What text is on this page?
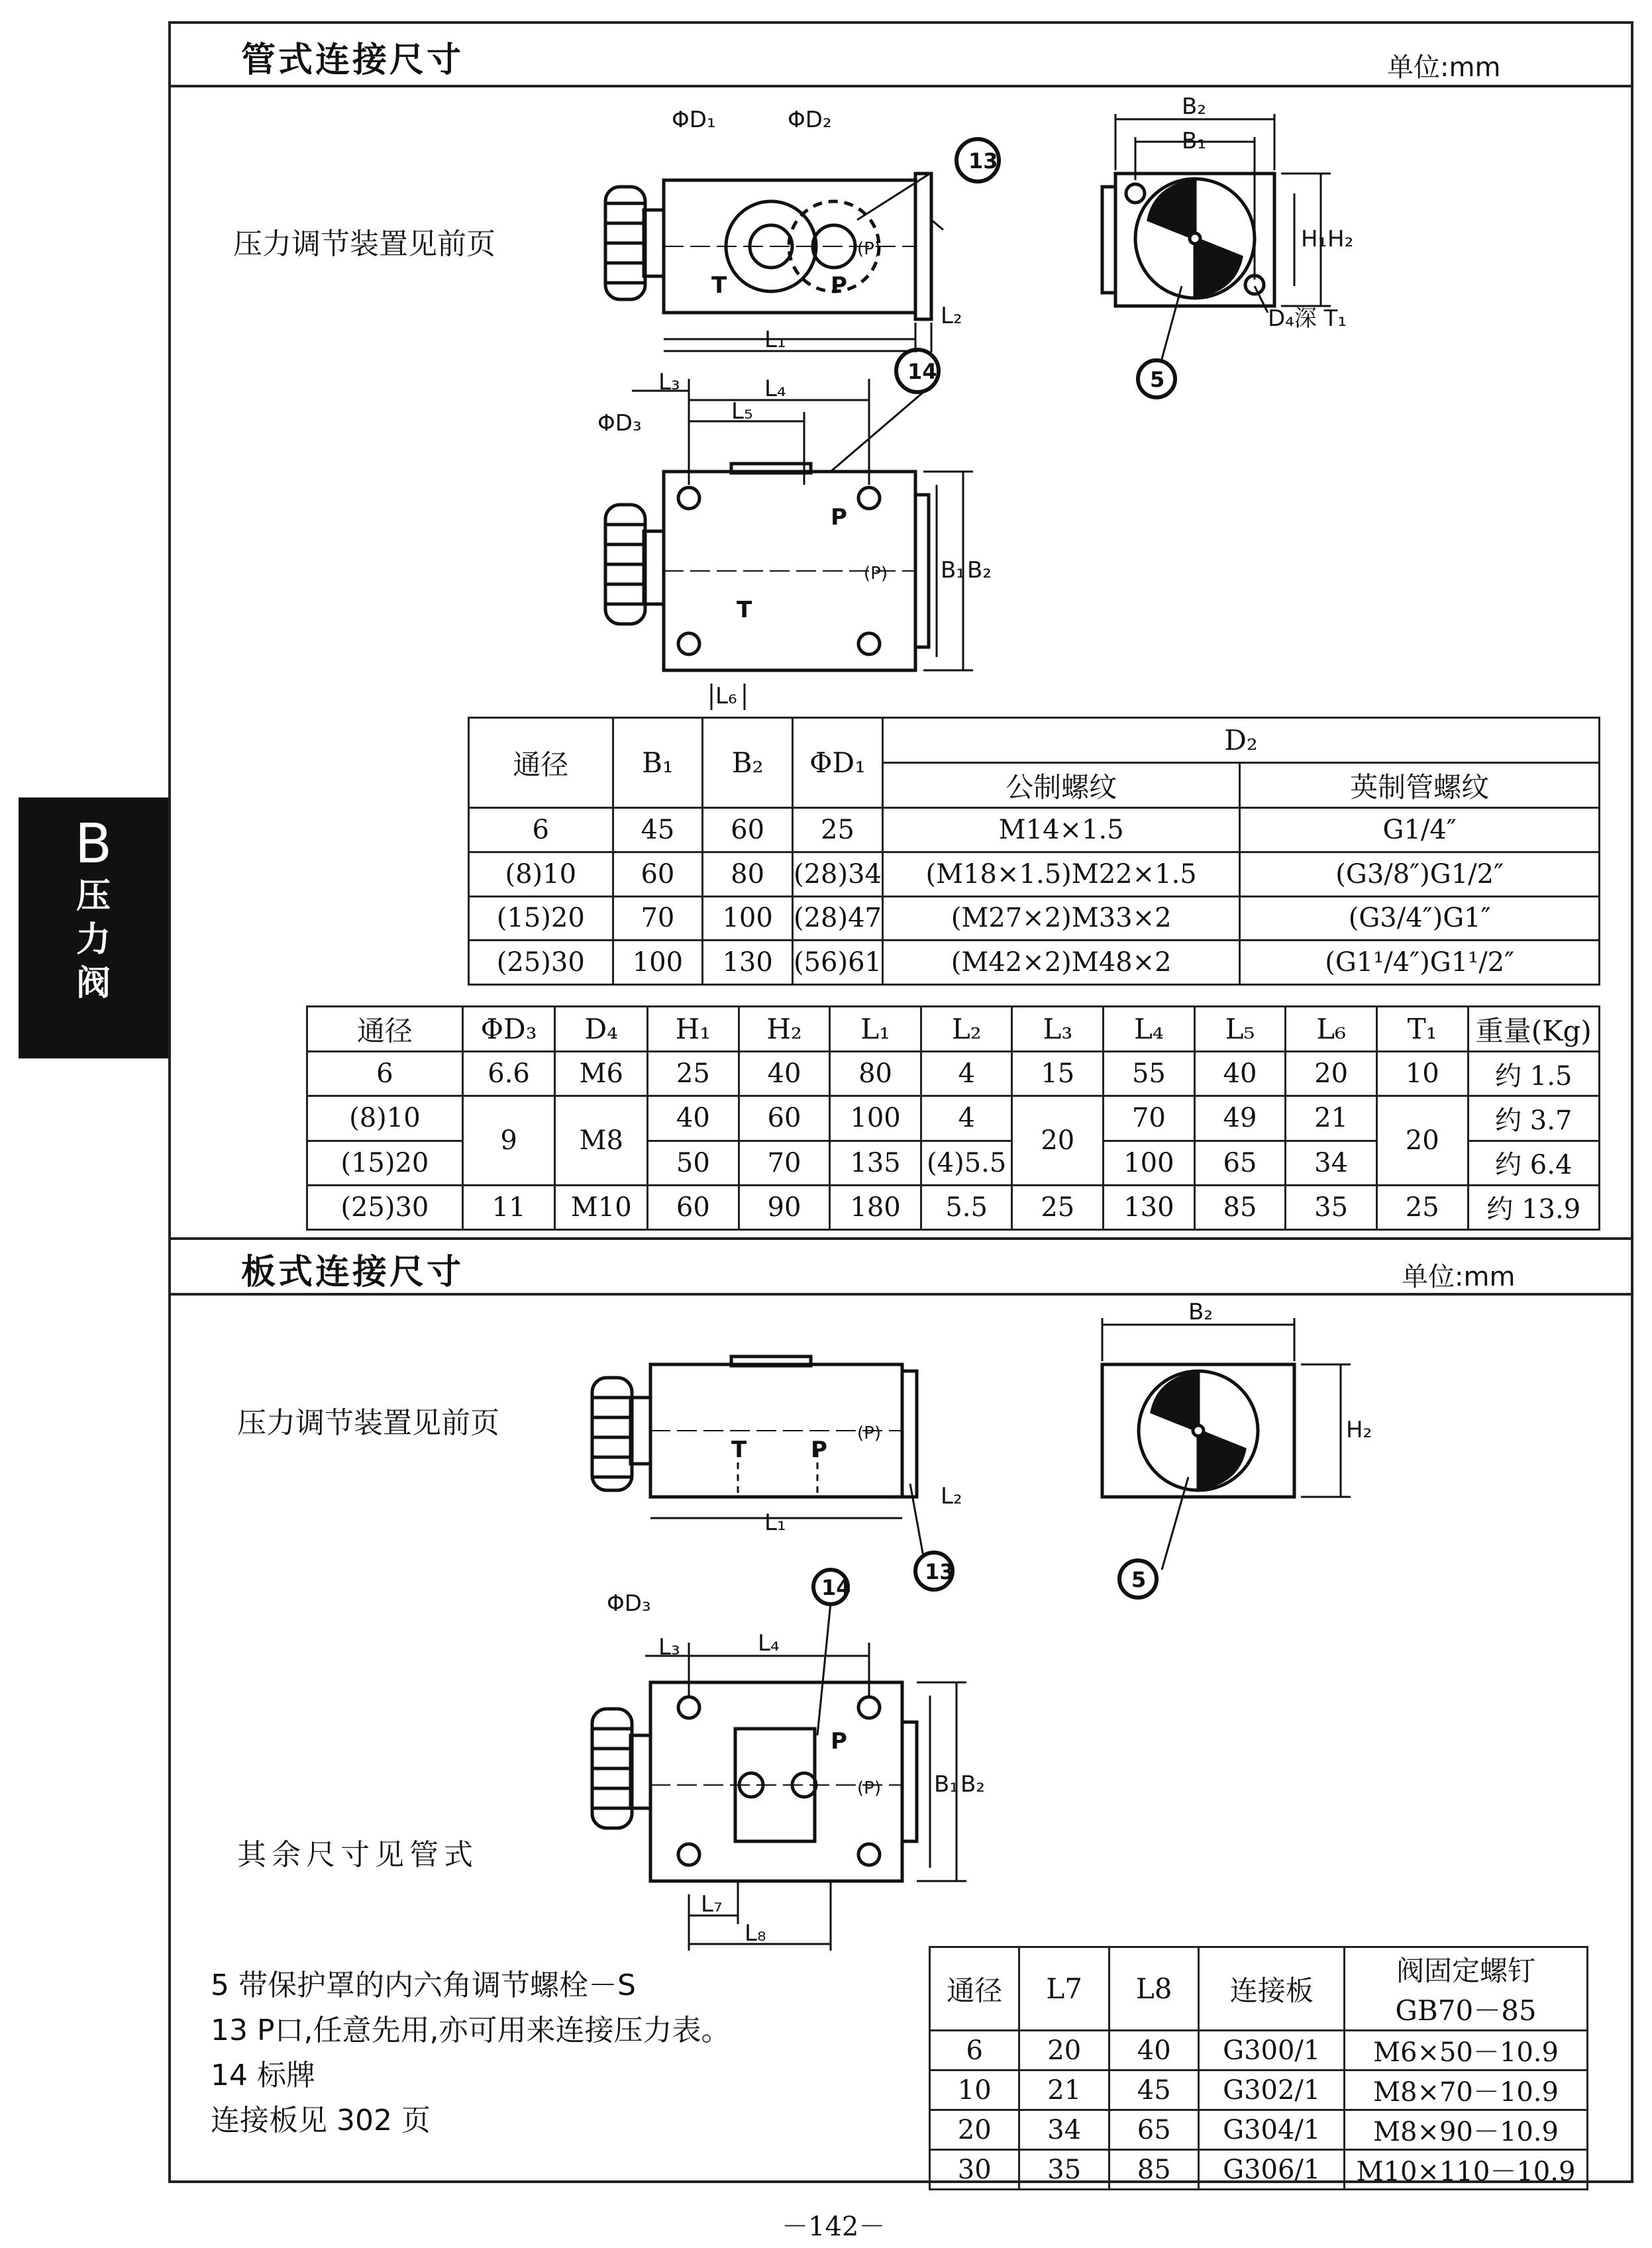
B
压
力
阀
管式连接尺寸	单位:mm
压力调节装置见前页
ΦD₁	ΦD₂
T	P
(P)
L₁
L₂
13
B₂
B₁
H₁ H₂
D₄深 T₁
5
L₃	L₄
L₅
ΦD₃
14
P
T
(P) B₁ B₂
L₆
通径	B₁	B₂	ΦD₁	D₂	
				公制螺纹	英制管螺纹
6	45	60	25	M14×1.5	G1/4″
(8)10	60	80	(28)34	(M18×1.5)M22×1.5	(G3/8″)G1/2″
(15)20	70	100	(28)47	(M27×2)M33×2	(G3/4″)G1″
(25)30	100	130	(56)61	(M42×2)M48×2	(G1¹/4″)G1¹/2″
通径	ΦD₃	D₄	H₁	H₂	L₁	L₂	L₃	L₄	L₅	L₆	T₁	重量(Kg)
6	6.6	M6	25	40	80	4	15	55	40	20	10	约 1.5
(8)10	9	M8	40	60	100	4	20	70	49	21	20	约 3.7
(15)20			50	70	135	(4)5.5		100	65	34		约 6.4
(25)30	11	M10	60	90	180	5.5	25	130	85	35	25	约 13.9
板式连接尺寸	单位:mm
压力调节装置见前页
其余尺寸见管式
T	P
(P)
L₁
L₂
13
B₂
H₂
5
14
ΦD₃
L₃	L₄
P
(P) B₁ B₂
L₇
L₈
5 带保护罩的内六角调节螺栓－S
13 P口,任意先用,亦可用来连接压力表。
14 标牌
连接板见 302 页
通径	L7	L8	连接板	阀固定螺钉
GB70－85

6	20	40	G300/1	M6×50－10.9
10	21	45	G302/1	M8×70－10.9
20	34	65	G304/1	M8×90－10.9
30	35	85	G306/1	M10×110－10.9
－142－
